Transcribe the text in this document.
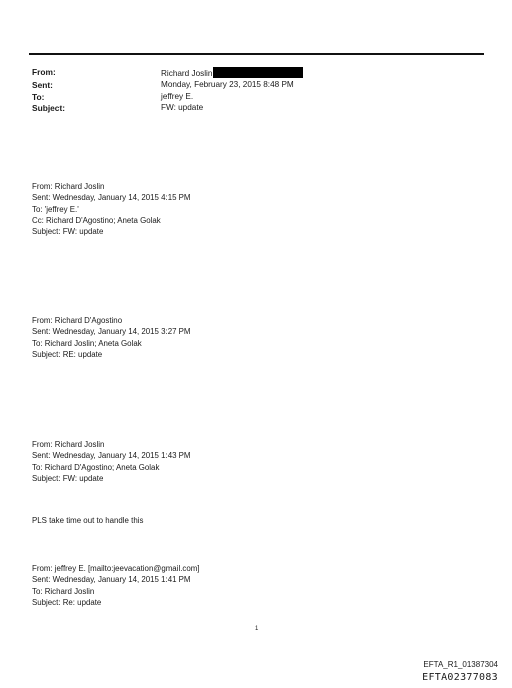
From:	Richard Joslin
Sent:	Monday, February 23, 2015 8:48 PM
To:	jeffrey E.
Subject:	FW: update
From: Richard Joslin
Sent: Wednesday, January 14, 2015 4:15 PM
To: 'jeffrey E.'
Cc: Richard D'Agostino; Aneta Golak
Subject: FW: update
From: Richard D'Agostino
Sent: Wednesday, January 14, 2015 3:27 PM
To: Richard Joslin; Aneta Golak
Subject: RE: update
From: Richard Joslin
Sent: Wednesday, January 14, 2015 1:43 PM
To: Richard D'Agostino; Aneta Golak
Subject: FW: update
PLS take time out to handle this
From: jeffrey E. [mailto:jeevacation@gmail.com]
Sent: Wednesday, January 14, 2015 1:41 PM
To: Richard Joslin
Subject: Re: update
1
EFTA_R1_01387304
EFTA02377083
